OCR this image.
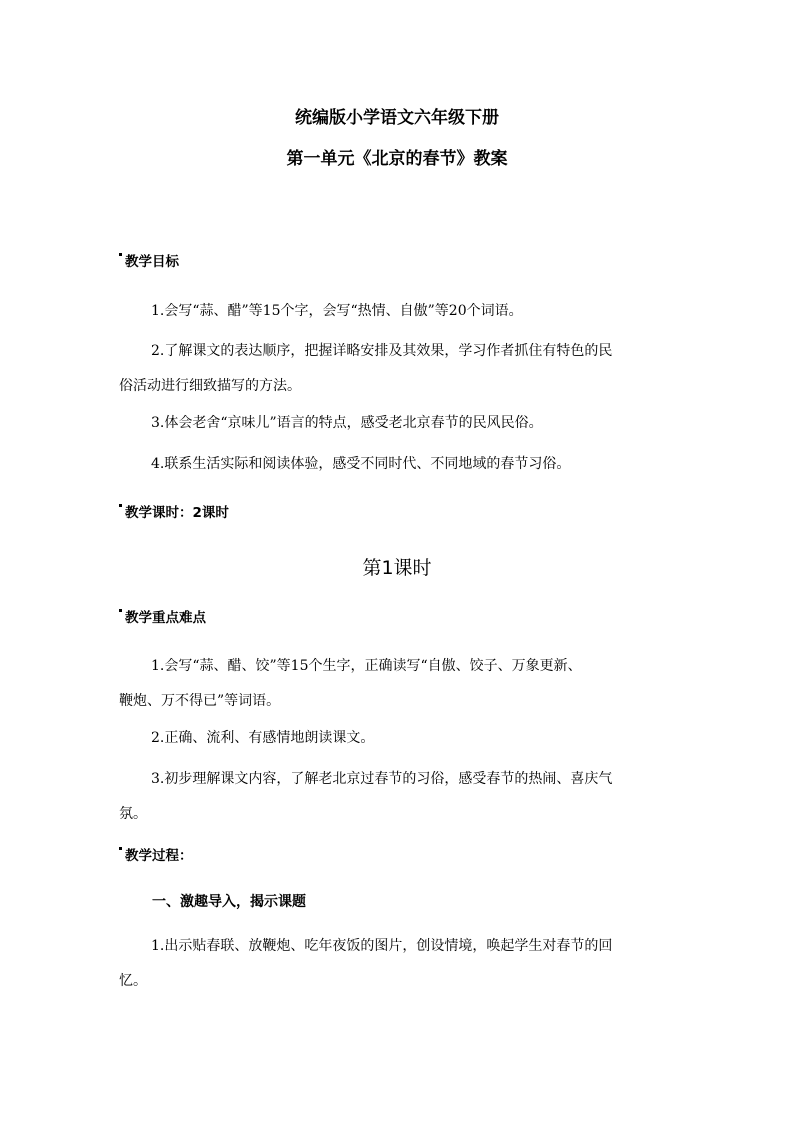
统编版小学语文六年级下册
第一单元《北京的春节》教案
教学目标
1.会写“蒜、醋”等15个字，会写“热情、自傲”等20个词语。
2.了解课文的表达顺序，把握详略安排及其效果，学习作者抓住有特色的民
俗活动进行细致描写的方法。
3.体会老舍“京味儿”语言的特点，感受老北京春节的民风民俗。
4.联系生活实际和阅读体验，感受不同时代、不同地域的春节习俗。
教学课时：2课时
第1课时
教学重点难点
1.会写“蒜、醋、饺”等15个生字，正确读写“自傲、饺子、万象更新、
鞭炮、万不得已”等词语。
2.正确、流利、有感情地朗读课文。
3.初步理解课文内容，了解老北京过春节的习俗，感受春节的热闹、喜庆气
氛。
教学过程：
一、激趣导入，揭示课题
1.出示贴春联、放鞭炮、吃年夜饭的图片，创设情境，唤起学生对春节的回
忆。
